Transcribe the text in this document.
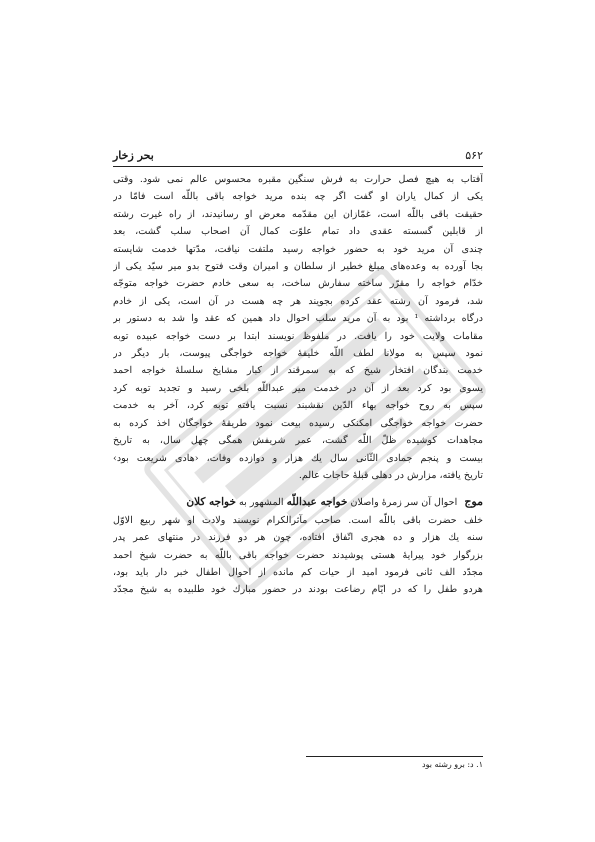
۵۶۲
بحر زخار

آفتاب به هیچ فصل حرارت به فرش سنگین مقبره محسوس عالم نمی شود. وقتی
یکی از کمال یاران او گفت اگر چه بنده مرید خواجه باقی باللّه است فامّا در
حقیقت باقی باللّه است، غمّازان این مقدّمه معرض او رسانیدند، از راه غیرت رشته
از قابلین گسسته عقدی داد تمام علوّت کمال آن اصحاب سلب گشت، بعد
چندی آن مرید خود به حضور خواجه رسید ملتفت نیافت، مدّتها خدمت شایسته
بجا آورده به وعده‌های مبلغ خطیر از سلطان و امیران وقت فتوح بدو میر سیّد یکی از
خدّام خواجه را مقرّر ساخته سفارش ساخت، به سعی خادم حضرت خواجه متوجّه
شد، فرمود آن رشته عقد کرده بجویند هر چه هست در آن است، یکی از خادم
درگاه برداشته ¹ بود به آن مرید سلب احوال داد همین که عقد وا شد به دستور بر
مقامات ولایت خود را یافت. در ملفوظ نویسند ابتدا بر دست خواجه عبیده توبه
نمود سپس به مولانا لطف اللّه خلیفهٔ خواجه خواجگی پیوست، بار دیگر در
خدمت بندگان افتخار شیخ که به سمرقند از کبار مشایخ سلسلهٔ خواجه احمد
یسوی بود کرد بعد از آن در خدمت میر عبداللّه بلخی رسید و تجدید توبه کرد
سپس به روح خواجه بهاء الدّین نقشبند نسبت یافته توبه کرد، آخر به خدمت
حضرت خواجه خواجگی امکنکی رسیده بیعت نمود طریقهٔ خواجگان اخذ کرده به
مجاهدات کوشیده ظلّ اللّه گشت، عمر شریفش همگی چهل سال، به تاریخ
بیست و پنجم جمادی الثّانی سال یك هزار و دوازده وفات، ‹هادی شریعت بود›
تاریخ یافته، مزارش در دهلی قبلهٔ حاجات عالم.

موج احوال آن سر زمرهٔ واصلان خواجه عبداللّه المشهور به خواجه کلان
خلف حضرت باقی باللّه است. صاحب مآثرالکرام نویسند ولادت او شهر ربیع الاوّل
سنه یك هزار و ده هجری اتّفاق افتاده، چون هر دو فرزند در منتهای عمر پدر
بزرگوار خود پیرایهٔ هستی پوشیدند حضرت خواجه باقی باللّه به حضرت شیخ احمد
مجدّد الف ثانی فرمود امید از حیات کم مانده از احوال اطفال خبر دار باید بود،
هردو طفل را که در ایّام رضاعت بودند در حضور مبارك خود طلبیده به شیخ مجدّد

۱. د: برو رشته بود
